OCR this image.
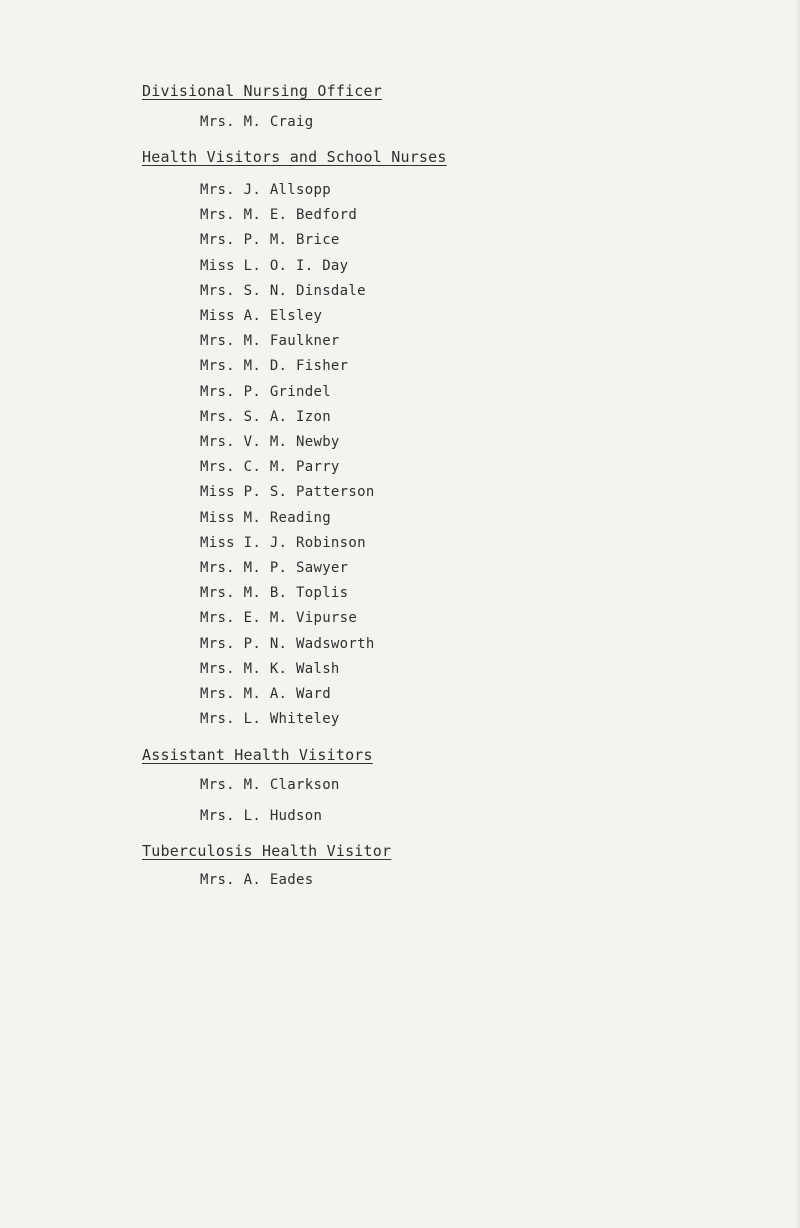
Divisional Nursing Officer
Mrs. M. Craig
Health Visitors and School Nurses
Mrs. J. Allsopp
Mrs. M. E. Bedford
Mrs. P. M. Brice
Miss L. O. I. Day
Mrs. S. N. Dinsdale
Miss A. Elsley
Mrs. M. Faulkner
Mrs. M. D. Fisher
Mrs. P. Grindel
Mrs. S. A. Izon
Mrs. V. M. Newby
Mrs. C. M. Parry
Miss P. S. Patterson
Miss M. Reading
Miss I. J. Robinson
Mrs. M. P. Sawyer
Mrs. M. B. Toplis
Mrs. E. M. Vipurse
Mrs. P. N. Wadsworth
Mrs. M. K. Walsh
Mrs. M. A. Ward
Mrs. L. Whiteley
Assistant Health Visitors
Mrs. M. Clarkson
Mrs. L. Hudson
Tuberculosis Health Visitor
Mrs. A. Eades
